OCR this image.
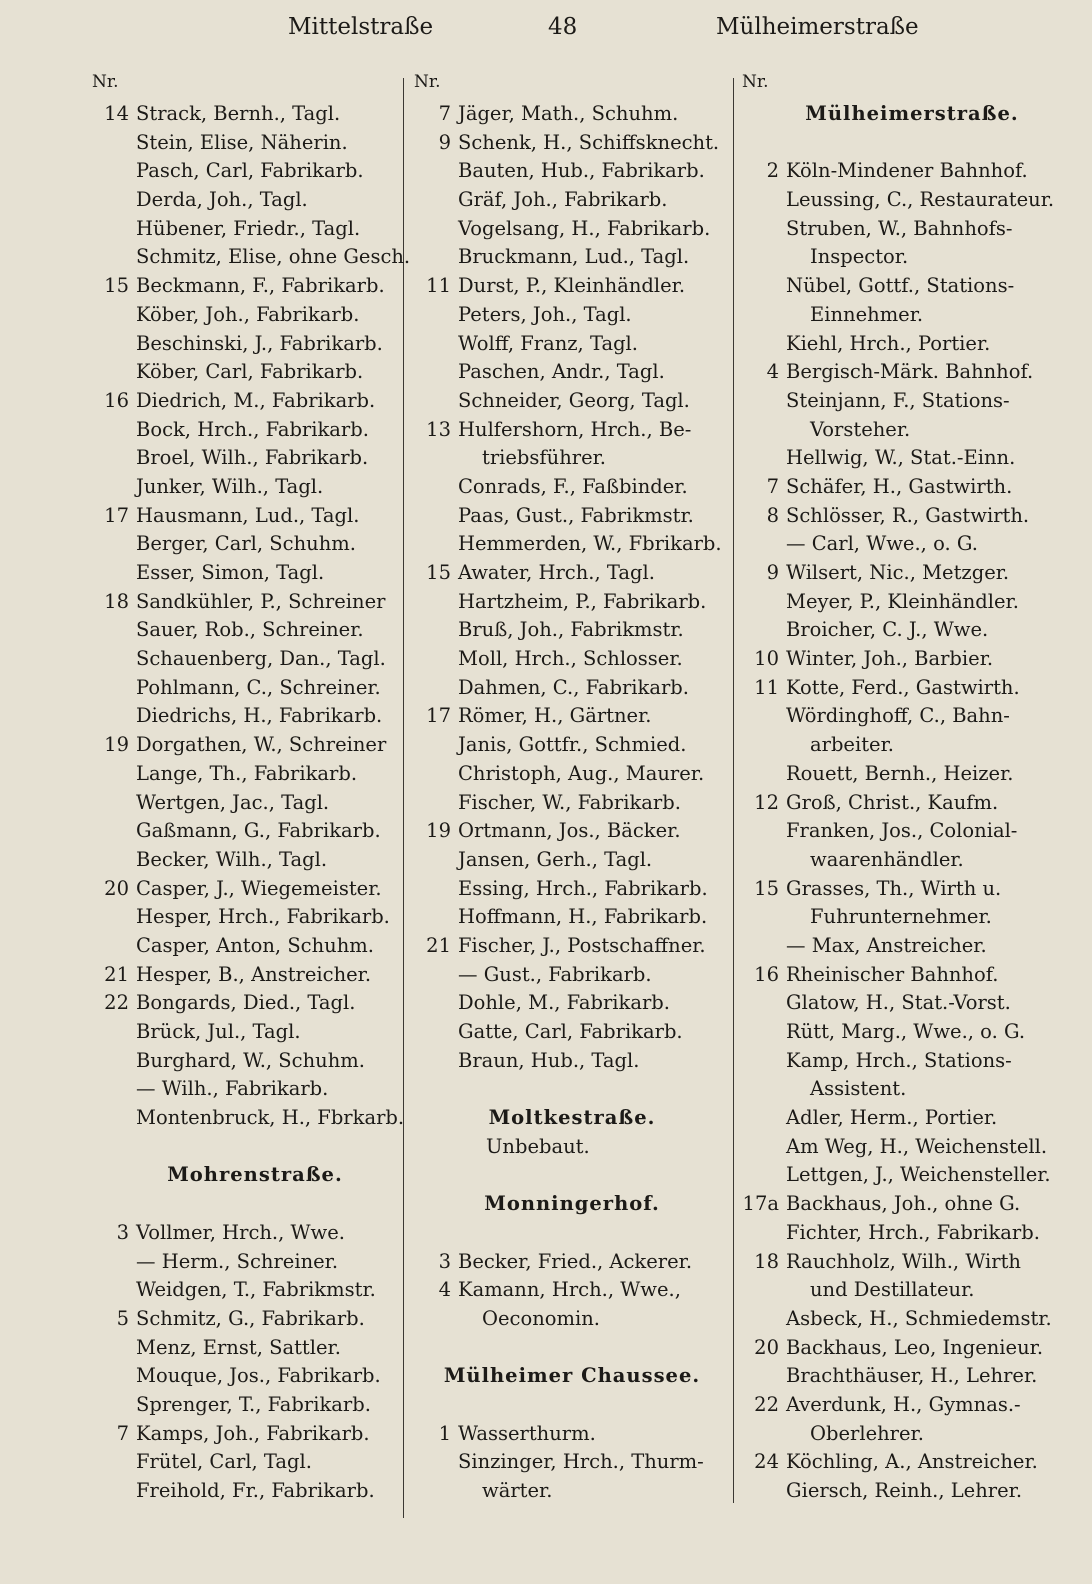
Mittelstraße	48	Mülheimerstraße
Nr.
14 Strack, Bernh., Tagl.
Stein, Elise, Näherin.
Pasch, Carl, Fabrikarb.
Derda, Joh., Tagl.
Hübener, Friedr., Tagl.
Schmitz, Elise, ohne Gesch.
15 Beckmann, F., Fabrikarb.
Köber, Joh., Fabrikarb.
Beschinski, J., Fabrikarb.
Köber, Carl, Fabrikarb.
16 Diedrich, M., Fabrikarb.
Bock, Hrch., Fabrikarb.
Broel, Wilh., Fabrikarb.
Junker, Wilh., Tagl.
17 Hausmann, Lud., Tagl.
Berger, Carl, Schuhm.
Esser, Simon, Tagl.
18 Sandkühler, P., Schreiner
Sauer, Rob., Schreiner.
Schauenberg, Dan., Tagl.
Pohlmann, C., Schreiner.
Diedrichs, H., Fabrikarb.
19 Dorgathen, W., Schreiner
Lange, Th., Fabrikarb.
Wertgen, Jac., Tagl.
Gaßmann, G., Fabrikarb.
Becker, Wilh., Tagl.
20 Casper, J., Wiegemeister.
Hesper, Hrch., Fabrikarb.
Casper, Anton, Schuhm.
21 Hesper, B., Anstreicher.
22 Bongards, Died., Tagl.
Brück, Jul., Tagl.
Burghard, W., Schuhm.
— Wilh., Fabrikarb.
Montenbruck, H., Fbrkarb.
Mohrenstraße.
3 Vollmer, Hrch., Wwe.
— Herm., Schreiner.
Weidgen, T., Fabrikmstr.
5 Schmitz, G., Fabrikarb.
Menz, Ernst, Sattler.
Mouque, Jos., Fabrikarb.
Sprenger, T., Fabrikarb.
7 Kamps, Joh., Fabrikarb.
Frütel, Carl, Tagl.
Freihold, Fr., Fabrikarb.
Nr.
7 Jäger, Math., Schuhm.
9 Schenk, H., Schiffsknecht.
Bauten, Hub., Fabrikarb.
Gräf, Joh., Fabrikarb.
Vogelsang, H., Fabrikarb.
Bruckmann, Lud., Tagl.
11 Durst, P., Kleinhändler.
Peters, Joh., Tagl.
Wolff, Franz, Tagl.
Paschen, Andr., Tagl.
Schneider, Georg, Tagl.
13 Hulfershorn, Hrch., Be-
triebsführer.
Conrads, F., Faßbinder.
Paas, Gust., Fabrikmstr.
Hemmerden, W., Fbrikarb.
15 Awater, Hrch., Tagl.
Hartzheim, P., Fabrikarb.
Bruß, Joh., Fabrikmstr.
Moll, Hrch., Schlosser.
Dahmen, C., Fabrikarb.
17 Römer, H., Gärtner.
Janis, Gottfr., Schmied.
Christoph, Aug., Maurer.
Fischer, W., Fabrikarb.
19 Ortmann, Jos., Bäcker.
Jansen, Gerh., Tagl.
Essing, Hrch., Fabrikarb.
Hoffmann, H., Fabrikarb.
21 Fischer, J., Postschaffner.
— Gust., Fabrikarb.
Dohle, M., Fabrikarb.
Gatte, Carl, Fabrikarb.
Braun, Hub., Tagl.
Moltkestraße.
Unbebaut.
Monningerhof.
3 Becker, Fried., Ackerer.
4 Kamann, Hrch., Wwe.,
Oeconomin.
Mülheimer Chaussee.
1 Wasserthurm.
Sinzinger, Hrch., Thurm-
wärter.
Nr.
Mülheimerstraße.
2 Köln-Mindener Bahnhof.
Leussing, C., Restaurateur.
Struben, W., Bahnhofs-
Inspector.
Nübel, Gottf., Stations-
Einnehmer.
Kiehl, Hrch., Portier.
4 Bergisch-Märk. Bahnhof.
Steinjann, F., Stations-
Vorsteher.
Hellwig, W., Stat.-Einn.
7 Schäfer, H., Gastwirth.
8 Schlösser, R., Gastwirth.
— Carl, Wwe., o. G.
9 Wilsert, Nic., Metzger.
Meyer, P., Kleinhändler.
Broicher, C. J., Wwe.
10 Winter, Joh., Barbier.
11 Kotte, Ferd., Gastwirth.
Wördinghoff, C., Bahn-
arbeiter.
Rouett, Bernh., Heizer.
12 Groß, Christ., Kaufm.
Franken, Jos., Colonial-
waarenhändler.
15 Grasses, Th., Wirth u.
Fuhrunternehmer.
— Max, Anstreicher.
16 Rheinischer Bahnhof.
Glatow, H., Stat.-Vorst.
Rütt, Marg., Wwe., o. G.
Kamp, Hrch., Stations-
Assistent.
Adler, Herm., Portier.
Am Weg, H., Weichenstell.
Lettgen, J., Weichensteller.
17a Backhaus, Joh., ohne G.
Fichter, Hrch., Fabrikarb.
18 Rauchholz, Wilh., Wirth
und Destillateur.
Asbeck, H., Schmiedemstr.
20 Backhaus, Leo, Ingenieur.
Brachthäuser, H., Lehrer.
22 Averdunk, H., Gymnas.-
Oberlehrer.
24 Köchling, A., Anstreicher.
Giersch, Reinh., Lehrer.
